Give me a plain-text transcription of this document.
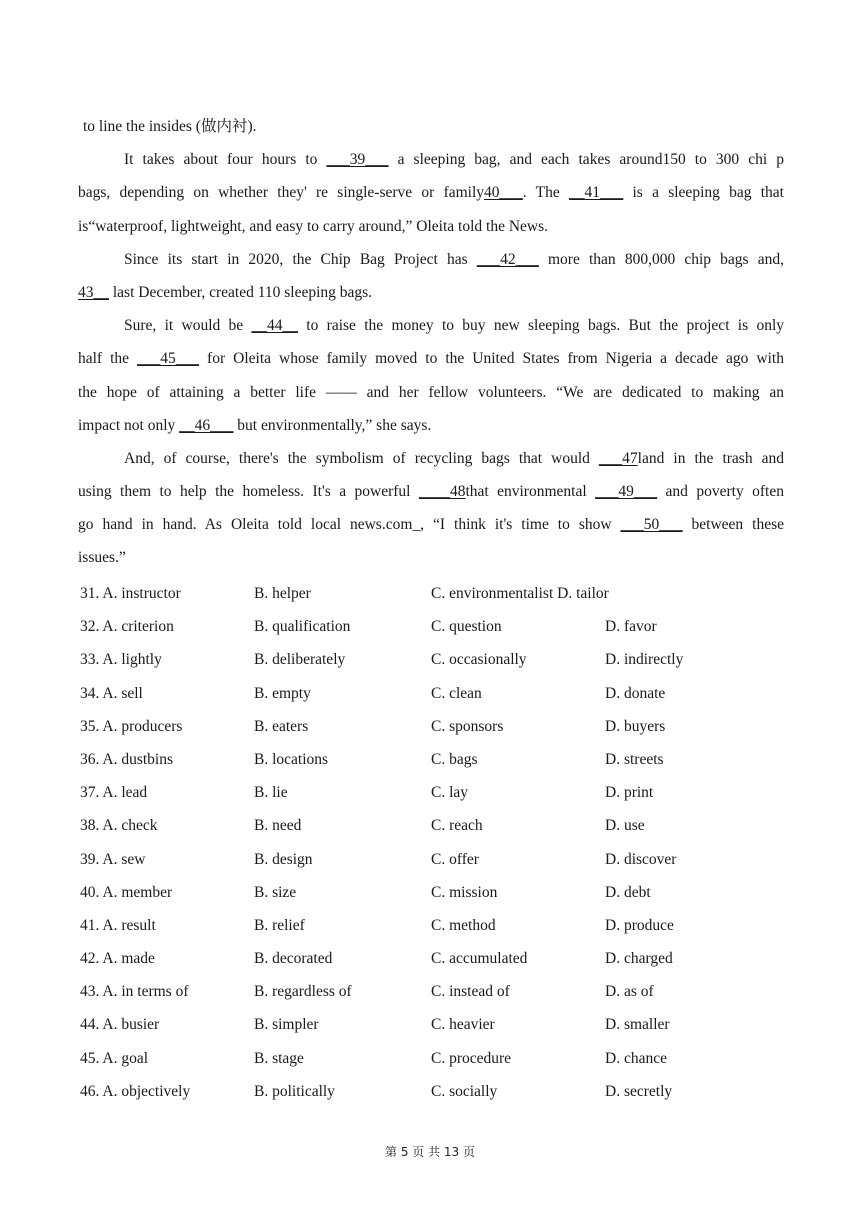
to line the insides (做内衬).
It takes about four hours to ___39___ a sleeping bag, and each takes around150 to 300 chi p
bags, depending on whether they' re single-serve or family40___. The __41___ is a sleeping bag that
is“waterproof, lightweight, and easy to carry around,” Oleita told the News.
Since its start in 2020, the Chip Bag Project has ___42___ more than 800,000 chip bags and,
43__ last December, created 110 sleeping bags.
Sure, it would be __44__ to raise the money to buy new sleeping bags. But the project is only
half the ___45___ for Oleita whose family moved to the United States from Nigeria a decade ago with
the hope of attaining a better life —— and her fellow volunteers. “We are dedicated to making an
impact not only __46___ but environmentally,” she says.
And, of course, there's the symbolism of recycling bags that would ___47land in the trash and
using them to help the homeless. It's a powerful ____48that environmental ___49___ and poverty often
go hand in hand. As Oleita told local news.com_, “I think it's time to show ___50___ between these
issues.”
31. A. instructor	B. helper	C. environmentalist D. tailor
32. A. criterion	B. qualification	C. question	D. favor
33. A. lightly	B. deliberately	C. occasionally	D. indirectly
34. A. sell	B. empty	C. clean	D. donate
35. A. producers	B. eaters	C. sponsors	D. buyers
36. A. dustbins	B. locations	C. bags	D. streets
37. A. lead	B. lie	C. lay	D. print
38. A. check	B. need	C. reach	D. use
39. A. sew	B. design	C. offer	D. discover
40. A. member	B. size	C. mission	D. debt
41. A. result	B. relief	C. method	D. produce
42. A. made	B. decorated	C. accumulated	D. charged
43. A. in terms of	B. regardless of	C. instead of	D. as of
44. A. busier	B. simpler	C. heavier	D. smaller
45. A. goal	B. stage	C. procedure	D. chance
46. A. objectively	B. politically	C. socially	D. secretly
第 5 页 共 13 页
